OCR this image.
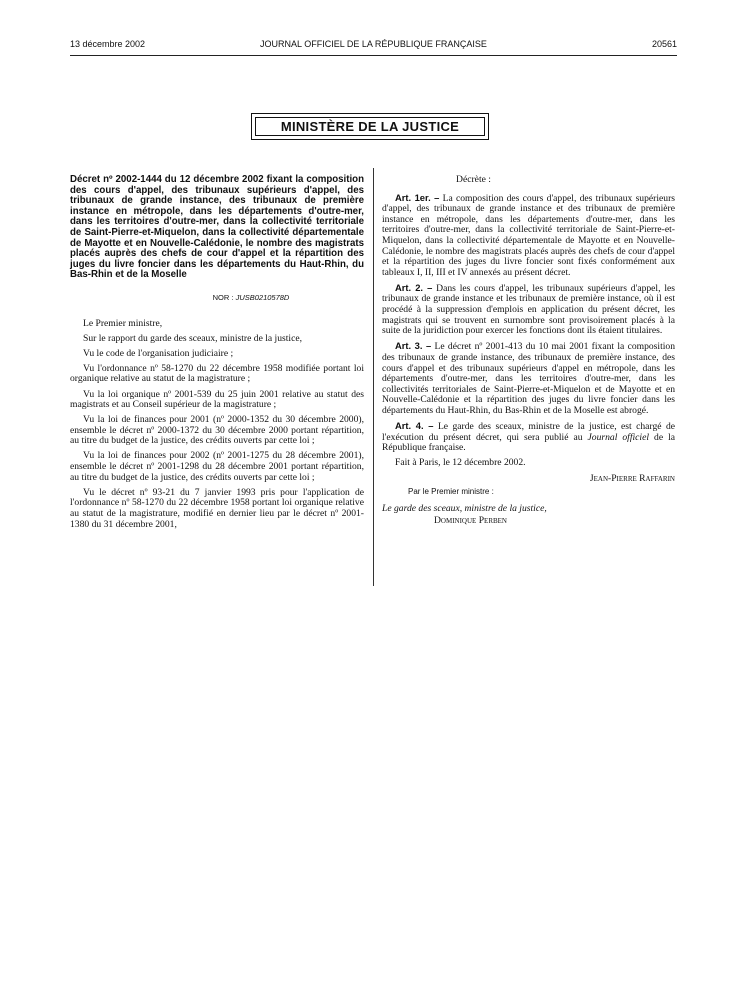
13 décembre 2002	JOURNAL OFFICIEL DE LA RÉPUBLIQUE FRANÇAISE	20561
MINISTÈRE DE LA JUSTICE

Décret nº 2002-1444 du 12 décembre 2002 fixant la composition des cours d'appel, des tribunaux supérieurs d'appel, des tribunaux de grande instance, des tribunaux de première instance en métropole, dans les départements d'outre-mer, dans les territoires d'outre-mer, dans la collectivité territoriale de Saint-Pierre-et-Miquelon, dans la collectivité départementale de Mayotte et en Nouvelle-Calédonie, le nombre des magistrats placés auprès des chefs de cour d'appel et la répartition des juges du livre foncier dans les départements du Haut-Rhin, du Bas-Rhin et de la Moselle

NOR : JUSB0210578D

Le Premier ministre,

Sur le rapport du garde des sceaux, ministre de la justice,

Vu le code de l'organisation judiciaire ;

Vu l'ordonnance nº 58-1270 du 22 décembre 1958 modifiée portant loi organique relative au statut de la magistrature ;

Vu la loi organique nº 2001-539 du 25 juin 2001 relative au statut des magistrats et au Conseil supérieur de la magistrature ;

Vu la loi de finances pour 2001 (nº 2000-1352 du 30 décembre 2000), ensemble le décret nº 2000-1372 du 30 décembre 2000 portant répartition, au titre du budget de la justice, des crédits ouverts par cette loi ;

Vu la loi de finances pour 2002 (nº 2001-1275 du 28 décembre 2001), ensemble le décret nº 2001-1298 du 28 décembre 2001 portant répartition, au titre du budget de la justice, des crédits ouverts par cette loi ;

Vu le décret nº 93-21 du 7 janvier 1993 pris pour l'application de l'ordonnance nº 58-1270 du 22 décembre 1958 portant loi organique relative au statut de la magistrature, modifié en dernier lieu par le décret nº 2001-1380 du 31 décembre 2001,

Décrète :

Art. 1er. – La composition des cours d'appel, des tribunaux supérieurs d'appel, des tribunaux de grande instance et des tribunaux de première instance en métropole, dans les départements d'outre-mer, dans les territoires d'outre-mer, dans la collectivité territoriale de Saint-Pierre-et-Miquelon, dans la collectivité départementale de Mayotte et en Nouvelle-Calédonie, le nombre des magistrats placés auprès des chefs de cour d'appel et la répartition des juges du livre foncier sont fixés conformément aux tableaux I, II, III et IV annexés au présent décret.

Art. 2. – Dans les cours d'appel, les tribunaux supérieurs d'appel, les tribunaux de grande instance et les tribunaux de première instance, où il est procédé à la suppression d'emplois en application du présent décret, les magistrats qui se trouvent en surnombre sont provisoirement placés à la suite de la juridiction pour exercer les fonctions dont ils étaient titulaires.

Art. 3. – Le décret nº 2001-413 du 10 mai 2001 fixant la composition des tribunaux de grande instance, des tribunaux de première instance, des cours d'appel et des tribunaux supérieurs d'appel en métropole, dans les départements d'outre-mer, dans les territoires d'outre-mer, dans les collectivités territoriales de Saint-Pierre-et-Miquelon et de Mayotte et en Nouvelle-Calédonie et la répartition des juges du livre foncier dans les départements du Haut-Rhin, du Bas-Rhin et de la Moselle est abrogé.

Art. 4. – Le garde des sceaux, ministre de la justice, est chargé de l'exécution du présent décret, qui sera publié au Journal officiel de la République française.

Fait à Paris, le 12 décembre 2002.

Jean-Pierre Raffarin

Par le Premier ministre :

Le garde des sceaux, ministre de la justice,

Dominique Perben
